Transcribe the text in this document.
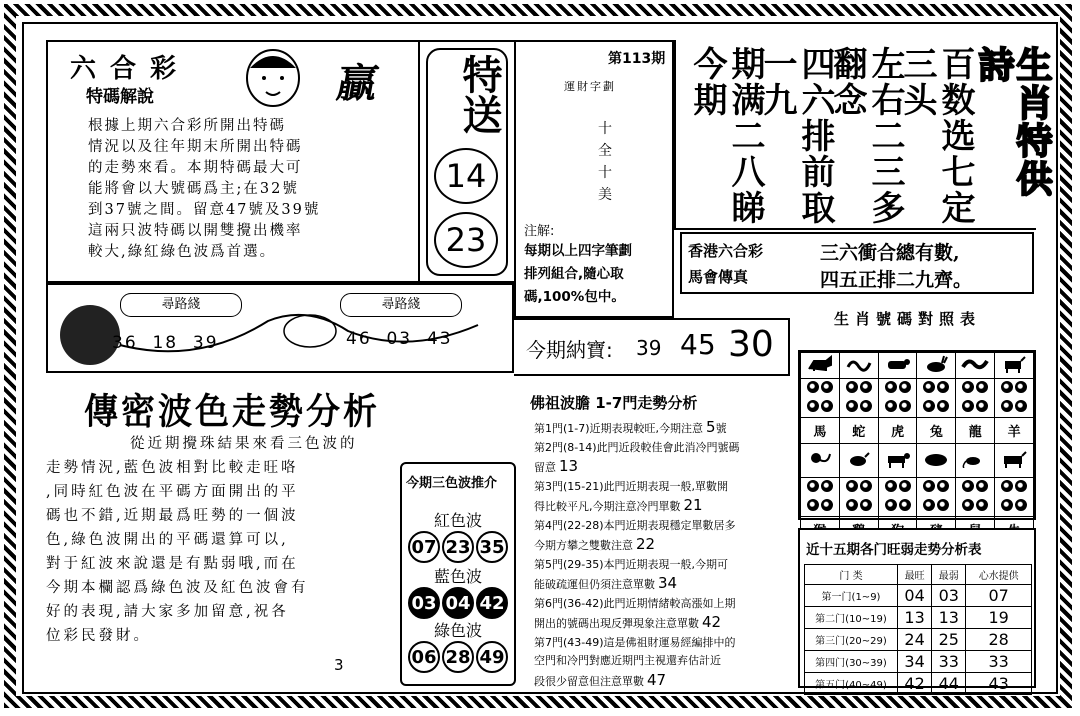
六合彩
特碼解說	贏
根據上期六合彩所開出特碼
情況以及往年期末所開出特碼
的走勢來看。本期特碼最大可
能將會以大號碼爲主;在32號
到37號之間。留意47號及39號
這兩只波特碼以開雙攪出機率
較大,綠紅綠色波爲首選。
特送
14
23
第113期
運財字劃
十
全
十
美
注解:
每期以上四字筆劃
排列組合,隨心取
碼,100%包中。
期满二八睇今期	四六排前取一九	左右二三多翻念	百数选七定三头	生肖特供詩
香港六合彩
馬會傳真
三六衝合總有數,
四五正排二九齊。
尋路綫	尋路綫
36 18 39	46 03 43	今期納寶: 39 45 30
生肖號碼對照表

馬	蛇	虎	兔	龍	羊

傳密波色走勢分析
從近期攪珠結果來看三色波的
走勢情況,藍色波相對比較走旺咯
,同時紅色波在平碼方面開出的平
碼也不錯,近期最爲旺勢的一個波
色,綠色波開出的平碼還算可以,
對于紅波來說還是有點弱哦,而在
今期本欄認爲綠色波及紅色波會有
好的表現,請大家多加留意,祝各
位彩民發財。
3
今期三色波推介
紅色波
07 23 35
藍色波
03 04 42
綠色波
06 28 49
佛祖波膽 1-7門走勢分析
第1門(1-7)近期表現較旺,今期注意 5號
第2門(8-14)此門近段較佳會此消冷門號碼
留意 13
第3門(15-21)此門近期表現一般,單數開
得比較平凡,今期注意冷門單數 21
第4門(22-28)本門近期表現穩定單數居多
今期方攀之雙數注意 22
第5門(29-35)本門近期表現一般,今期可
能破疏運但仍須注意單數 34
第6門(36-42)此門近期情緒較高漲如上期
開出的號碼出現反彈現象注意單數 42
第7門(43-49)這是佛祖財運易經編排中的
空門和冷門對應近期門主視還弃估計近
段很少留意但注意單數 47
近十五期各门旺弱走势分析表
门 类	最旺	最弱	心水提供
第一门(1~9)	04	03	07
第二门(10~19)	13	13	19
第三门(20~29)	24	25	28
第四门(30~39)	34	33	33
第五门(40~49)	42	44	43
